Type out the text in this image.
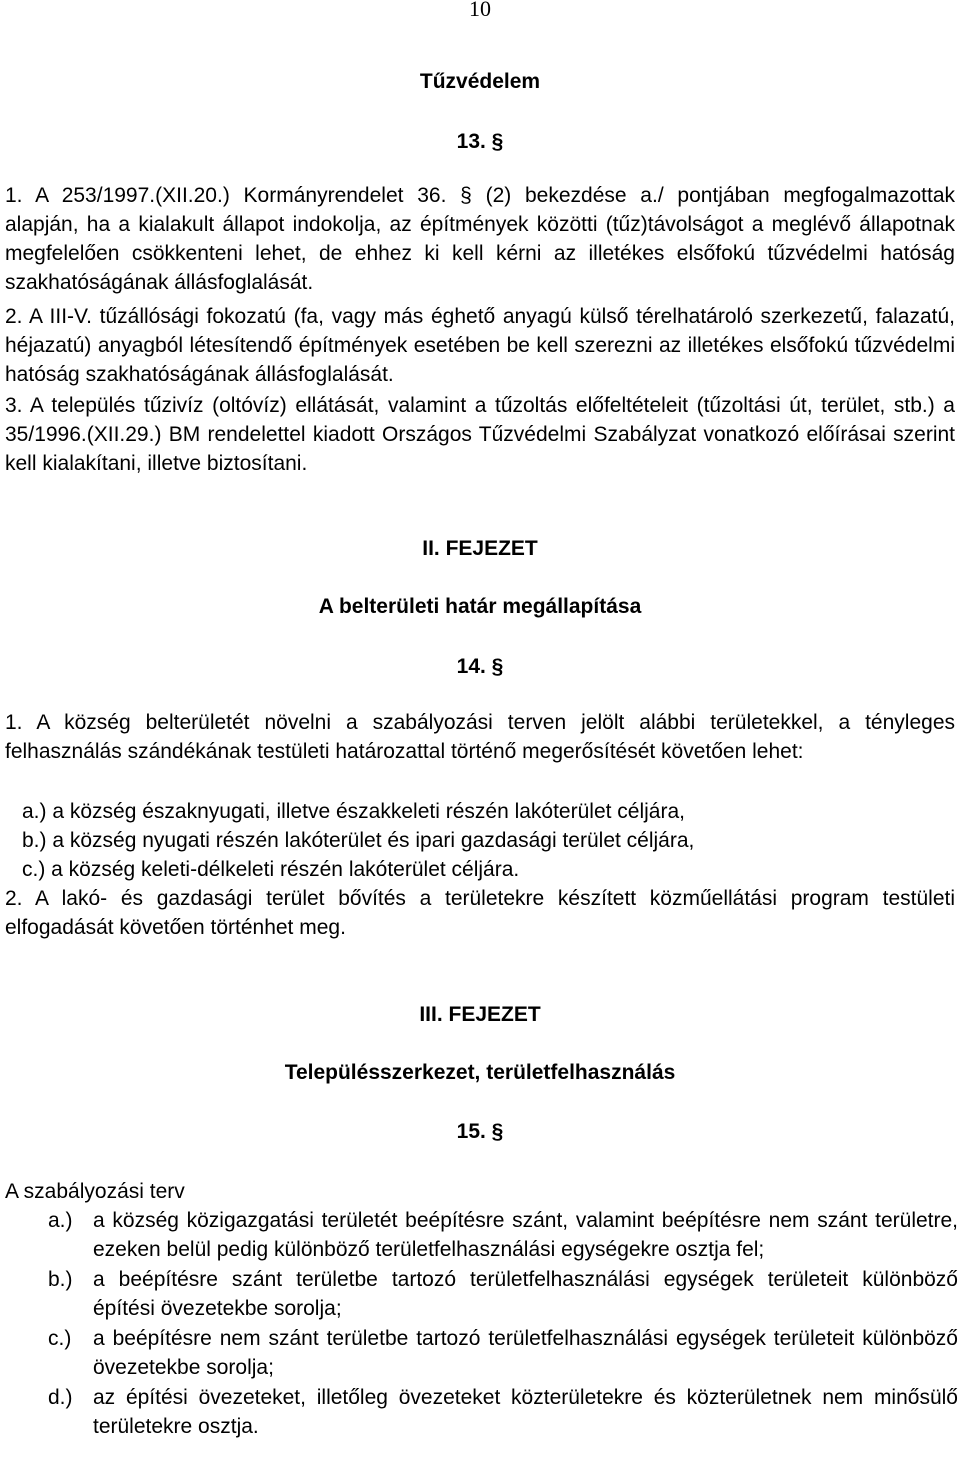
10
Tűzvédelem
13. §

1. A 253/1997.(XII.20.) Kormányrendelet 36. § (2) bekezdése a./ pontjában megfogalmazottak alapján, ha a kialakult állapot indokolja, az építmények közötti (tűz)távolságot a meglévő állapotnak megfelelően csökkenteni lehet, de ehhez ki kell kérni az illetékes elsőfokú tűzvédelmi hatóság szakhatóságának állásfoglalását.

2. A III-V. tűzállósági fokozatú (fa, vagy más éghető anyagú külső térelhatároló szerkezetű, falazatú, héjazatú) anyagból létesítendő építmények esetében be kell szerezni az illetékes elsőfokú tűzvédelmi hatóság szakhatóságának állásfoglalását.

3. A település tűzivíz (oltóvíz) ellátását, valamint a tűzoltás előfeltételeit (tűzoltási út, terület, stb.) a 35/1996.(XII.29.) BM rendelettel kiadott Országos Tűzvédelmi Szabályzat vonatkozó előírásai szerint kell kialakítani, illetve biztosítani.

II. FEJEZET
A belterületi határ megállapítása
14. §

1. A község belterületét növelni a szabályozási terven jelölt alábbi területekkel, a tényleges felhasználás szándékának testületi határozattal történő megerősítését követően lehet:

a.) a község északnyugati, illetve északkeleti részén lakóterület céljára,

b.) a község nyugati részén lakóterület és ipari gazdasági terület céljára,

c.) a község keleti-délkeleti részén lakóterület céljára.

2. A lakó- és gazdasági terület bővítés a területekre készített közműellátási program testületi elfogadását követően történhet meg.

III. FEJEZET
Településszerkezet, területfelhasználás
15. §

A szabályozási terv

a.) a község közigazgatási területét beépítésre szánt, valamint beépítésre nem szánt területre, ezeken belül pedig különböző területfelhasználási egységekre osztja fel;
b.) a beépítésre szánt területbe tartozó területfelhasználási egységek területeit különböző építési övezetekbe sorolja;
c.)	a beépítésre nem szánt területbe tartozó területfelhasználási egységek területeit különböző övezetekbe sorolja;
d.) az építési övezeteket, illetőleg övezeteket közterületekre és közterületnek nem minősülő területekre osztja.
